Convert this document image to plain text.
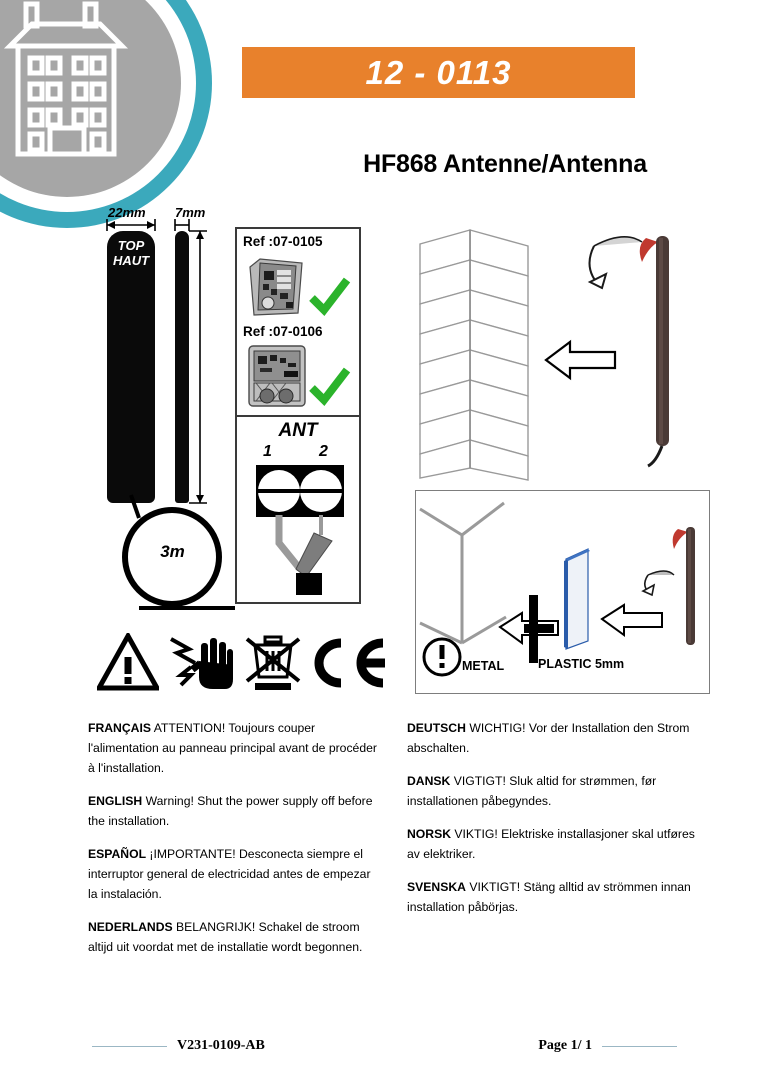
12 - 0113
HF868 Antenne/Antenna
22mm 7mm
TOP
HAUT
3m
Ref :07-0105
Ref :07-0106
ANT
1	2
METAL	PLASTIC 5mm
FRANÇAIS ATTENTION! Toujours couper l'alimentation au panneau principal avant de procéder à l'installation.
ENGLISH Warning! Shut the power supply off before the installation.
ESPAÑOL ¡IMPORTANTE! Desconecta siempre el interruptor general de electricidad antes de empezar la instalación.
NEDERLANDS BELANGRIJK! Schakel de stroom altijd uit voordat met de installatie wordt begonnen.
DEUTSCH WICHTIG! Vor der Installation den Strom abschalten.
DANSK VIGTIGT! Sluk altid for strømmen, før installationen påbegyndes.
NORSK VIKTIG! Elektriske installasjoner skal utføres av elektriker.
SVENSKA VIKTIGT! Stäng alltid av strömmen innan installation påbörjas.
V231-0109-AB	Page 1/ 1
